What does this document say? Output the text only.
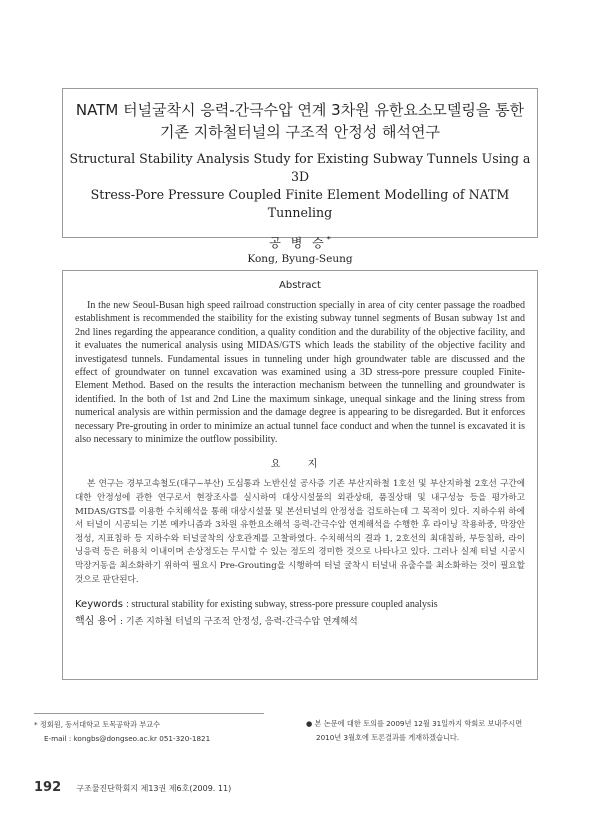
NATM 터널굴착시 응력-간극수압 연계 3차원 유한요소모델링을 통한
기존 지하철터널의 구조적 안정성 해석연구
Structural Stability Analysis Study for Existing Subway Tunnels Using a 3D
Stress-Pore Pressure Coupled Finite Element Modelling of NATM Tunneling
공 병 승*
Kong, Byung-Seung
Abstract

In the new Seoul-Busan high speed railroad construction specially in area of city center passage the roadbed establishment is recommended the staibility for the existing subway tunnel segments of Busan subway 1st and 2nd lines regarding the appearance condition, a quality condition and the durability of the objective facility, and it evaluates the numerical analysis using MIDAS/GTS which leads the stability of the objective facility and investigatesd tunnels. Fundamental issues in tunneling under high groundwater table are discussed and the effect of groundwater on tunnel excavation was examined using a 3D stress-pore pressure coupled Finite-Element Method. Based on the results the interaction mechanism between the tunnelling and groundwater is identified. In the both of 1st and 2nd Line the maximum sinkage, unequal sinkage and the lining stress from numerical analysis are within permission and the damage degree is appearing to be disregarded. But it enforces necessary Pre-grouting in order to minimize an actual tunnel face conduct and when the tunnel is excavated it is also necessary to minimize the outflow possibility.

요 지

본 연구는 경부고속철도(대구~부산) 도심통과 노반신설 공사증 기존 부산지하철 1호선 및 부산지하철 2호선 구간에 대한 안정성에 관한 연구로서 현장조사를 실시하여 대상시설물의 외관상태, 품질상태 및 내구성능 등을 평가하고 MIDAS/GTS를 이용한 수치해석을 통해 대상시설물 및 본선터널의 안정성을 검토하는데 그 목적이 있다. 지하수위 하에서 터널이 시공되는 기본 메카니즘과 3차원 유한요소해석 응력-간극수압 연계해석을 수행한 후 라이닝 작용하중, 막장안정성, 지표침하 등 지하수와 터널굴착의 상호관계를 고찰하였다. 수치해석의 결과 1, 2호선의 최대침하, 부등침하, 라이닝응력 등은 허용치 이내이며 손상정도는 무시할 수 있는 정도의 경미한 것으로 나타나고 있다. 그러나 실제 터널 시공시 막장거동을 최소화하기 위하여 필요시 Pre-Grouting을 시행하여 터널 굴착시 터널내 유출수를 최소화하는 것이 필요할 것으로 판단된다.

Keywords : structural stability for existing subway, stress-pore pressure coupled analysis
핵심 용어 : 기존 지하철 터널의 구조적 안정성, 응력-간극수압 연계해석
* 정회원, 동서대학교 토목공학과 부교수
E-mail : kongbs@dongseo.ac.kr 051-320-1821
● 본 논문에 대한 토의를 2009년 12월 31일까지 학회로 보내주시면
2010년 3월호에 토론결과를 게재하겠습니다.
192 구조물진단학회지 제13권 제6호(2009. 11)
